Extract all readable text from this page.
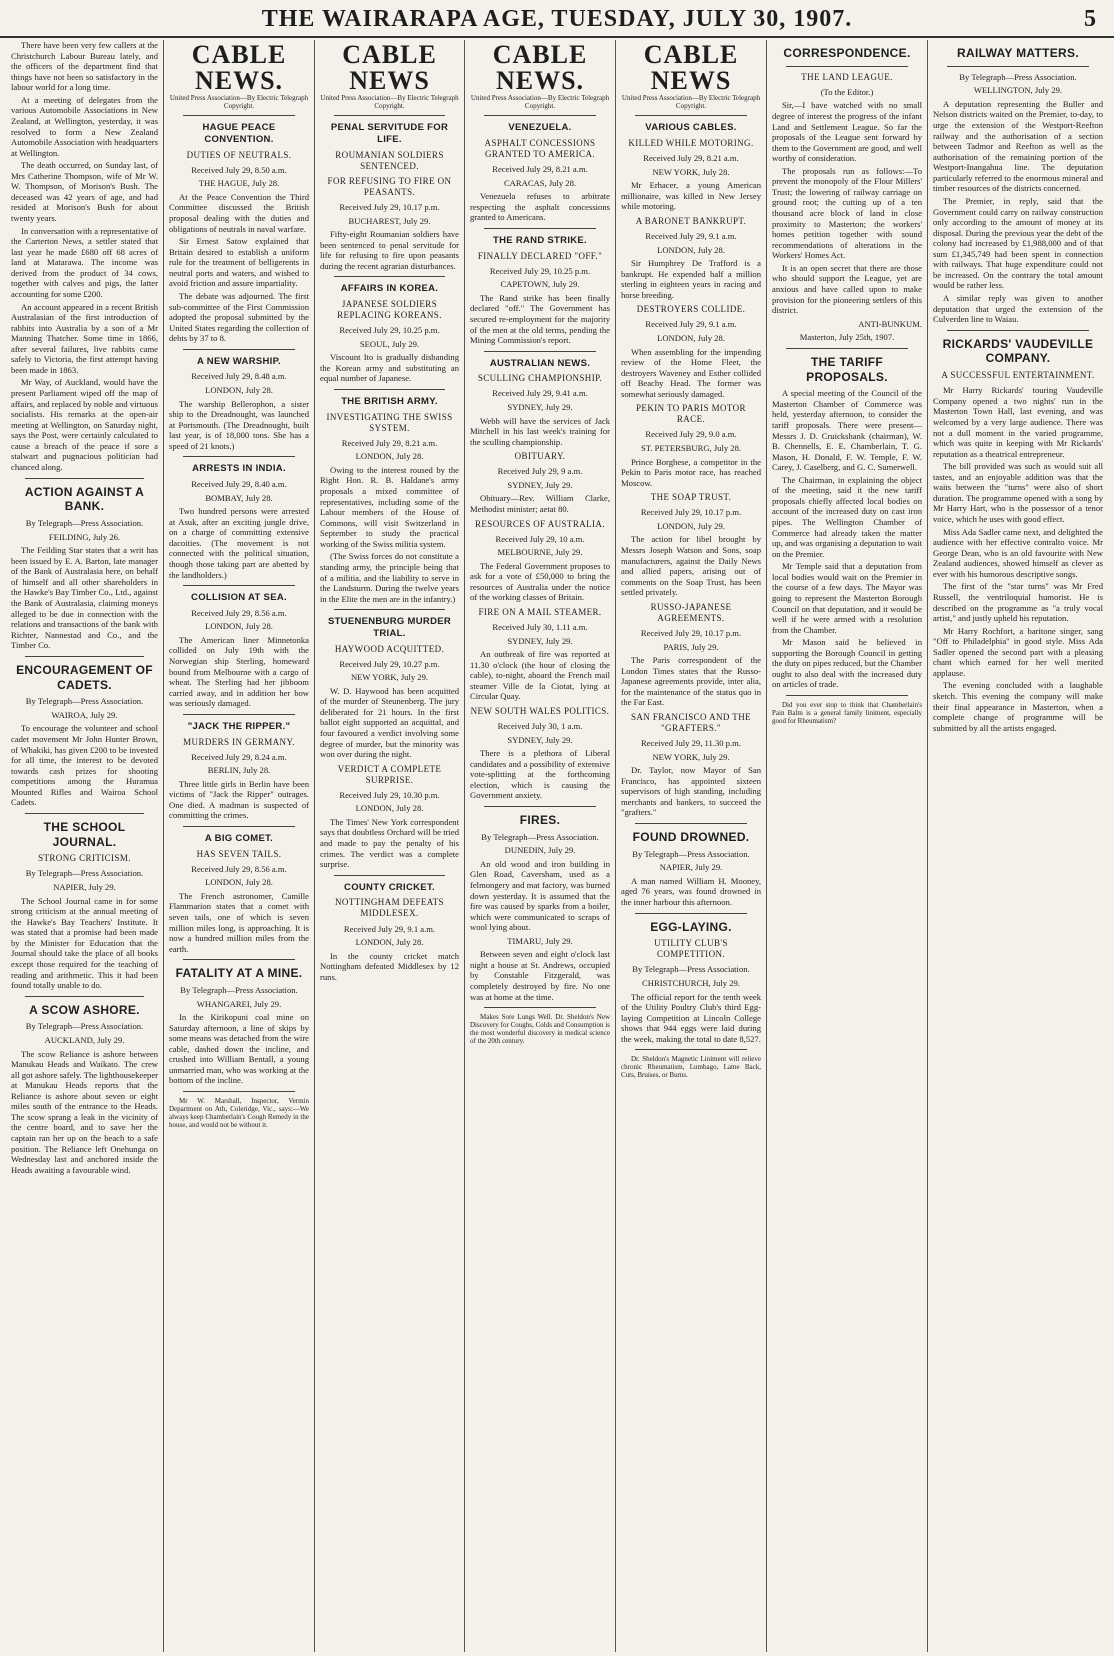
THE WAIRARAPA AGE, TUESDAY, JULY 30, 1907.	5

There have been very few callers at the Christchurch Labour Bureau lately, and the officers of the department find that things have not been so satisfactory in the labour world for a long time.

At a meeting of delegates from the various Automobile Associations in New Zealand, at Wellington, yesterday, it was resolved to form a New Zealand Automobile Association with headquarters at Wellington.

The death occurred, on Sunday last, of Mrs Catherine Thompson, wife of Mr W. W. Thompson, of Morison's Bush. The deceased was 42 years of age, and had resided at Morison's Bush for about twenty years.

In conversation with a representative of the Carterton News, a settler stated that last year he made £680 off 68 acres of land at Matarawa. The income was derived from the product of 34 cows, together with calves and pigs, the latter accounting for some £200.

An account appeared in a recent British Australasian of the first introduction of rabbits into Australia by a son of a Mr Manning Thatcher. Some time in 1866, after several failures, live rabbits came safely to Victoria, the first attempt having been made in 1863.

Mr Way, of Auckland, would have the present Parliament wiped off the map of affairs, and replaced by noble and virtuous socialists. His remarks at the open-air meeting at Wellington, on Saturday night, says the Post, were certainly calculated to cause a breach of the peace if sore a stalwart and pugnacious politician had chanced along.

ACTION AGAINST A BANK.
By Telegraph—Press Association.
FEILDING, July 26.

The Feilding Star states that a writ has been issued by E. A. Barton, late manager of the Bank of Australasia here, on behalf of himself and all other shareholders in the Hawke's Bay Timber Co., Ltd., against the Bank of Australasia, claiming moneys alleged to be due in connection with the relations and transactions of the bank with Richter, Nannestad and Co., and the Timber Co.

ENCOURAGEMENT OF CADETS.
By Telegraph—Press Association.
WAIROA, July 29.

To encourage the volunteer and school cadet movement Mr John Hunter Brown, of Whakiki, has given £200 to be invested for all time, the interest to be devoted towards cash prizes for shooting competitions among the Huramua Mounted Rifles and Wairoa School Cadets.

THE SCHOOL JOURNAL.
STRONG CRITICISM.
By Telegraph—Press Association.
NAPIER, July 29.

The School Journal came in for some strong criticism at the annual meeting of the Hawke's Bay Teachers' Institute. It was stated that a promise had been made by the Minister for Education that the Journal should take the place of all books except those required for the teaching of reading and arithmetic. This it had been found totally unable to do.

A SCOW ASHORE.
By Telegraph—Press Association.
AUCKLAND, July 29.

The scow Reliance is ashore between Manukau Heads and Waikato. The crew all got ashore safely. The lighthousekeeper at Manukau Heads reports that the Reliance is ashore about seven or eight miles south of the entrance to the Heads. The scow sprang a leak in the vicinity of the centre board, and to save her the captain ran her up on the beach to a safe position. The Reliance left Onehunga on Wednesday last and anchored inside the Heads awaiting a favourable wind.

CABLE NEWS.
United Press Association—By Electric Telegraph Copyright.
HAGUE PEACE CONVENTION.
DUTIES OF NEUTRALS.
Received July 29, 8.50 a.m.
THE HAGUE, July 28.

At the Peace Convention the Third Committee discussed the British proposal dealing with the duties and obligations of neutrals in naval warfare.

Sir Ernest Satow explained that Britain desired to establish a uniform rule for the treatment of belligerents in neutral ports and waters, and wished to avoid friction and assure impartiality.

The debate was adjourned. The first sub-committee of the First Commission adopted the proposal submitted by the United States regarding the collection of debts by 37 to 8.

A NEW WARSHIP.
Received July 29, 8.48 a.m.
LONDON, July 28.

The warship Bellerophon, a sister ship to the Dreadnought, was launched at Portsmouth. (The Dreadnought, built last year, is of 18,000 tons. She has a speed of 21 knots.)

ARRESTS IN INDIA.
Received July 29, 8.40 a.m.
BOMBAY, July 28.

Two hundred persons were arrested at Asuk, after an exciting jungle drive, on a charge of committing extensive dacoities. (The movement is not connected with the political situation, though those taking part are abetted by the landholders.)

COLLISION AT SEA.
Received July 29, 8.56 a.m.
LONDON, July 28.

The American liner Minnetonka collided on July 19th with the Norwegian ship Sterling, homeward bound from Melbourne with a cargo of wheat. The Sterling had her jibboom carried away, and in addition her bow was seriously damaged.

"JACK THE RIPPER."
MURDERS IN GERMANY.
Received July 29, 8.24 a.m.
BERLIN, July 28.

Three little girls in Berlin have been victims of "Jack the Ripper" outrages. One died. A madman is suspected of committing the crimes.

A BIG COMET.
HAS SEVEN TAILS.
Received July 29, 8.56 a.m.
LONDON, July 28.

The French astronomer, Camille Flammarion states that a comet with seven tails, one of which is seven million miles long, is approaching. It is now a hundred million miles from the earth.

FATALITY AT A MINE.
By Telegraph—Press Association.
WHANGAREI, July 29.

In the Kirikopuni coal mine on Saturday afternoon, a line of skips by some means was detached from the wire cable, dashed down the incline, and crushed into William Bentall, a young unmarried man, who was working at the bottom of the incline.

Mr W. Marshall, Inspector, Vermin Department on Ath, Coleridge, Vic., says:—We always keep Chamberlain's Cough Remedy in the house, and would not be without it.

CABLE NEWS
United Press Association—By Electric Telegraph Copyright.
PENAL SERVITUDE FOR LIFE.
ROUMANIAN SOLDIERS SENTENCED.
FOR REFUSING TO FIRE ON PEASANTS.
Received July 29, 10.17 p.m.
BUCHAREST, July 29.

Fifty-eight Roumanian soldiers have been sentenced to penal servitude for life for refusing to fire upon peasants during the recent agrarian disturbances.

AFFAIRS IN KOREA.
JAPANESE SOLDIERS REPLACING KOREANS.
Received July 29, 10.25 p.m.
SEOUL, July 29.

Viscount Ito is gradually disbanding the Korean army and substituting an equal number of Japanese.

THE BRITISH ARMY.
INVESTIGATING THE SWISS SYSTEM.
Received July 29, 8.21 a.m.
LONDON, July 28.

Owing to the interest roused by the Right Hon. R. B. Haldane's army proposals a mixed committee of representatives, including some of the Labour members of the House of Commons, will visit Switzerland in September to study the practical working of the Swiss militia system.

(The Swiss forces do not constitute a standing army, the principle being that of a militia, and the liability to serve in the Landsturm. During the twelve years in the Elite the men are in the infantry.)

STUENENBURG MURDER TRIAL.
HAYWOOD ACQUITTED.
Received July 29, 10.27 p.m.
NEW YORK, July 29.

W. D. Haywood has been acquitted of the murder of Steunenberg. The jury deliberated for 21 hours. In the first ballot eight supported an acquittal, and four favoured a verdict involving some degree of murder, but the minority was won over during the night.

VERDICT A COMPLETE SURPRISE.
Received July 29, 10.30 p.m.
LONDON, July 28.

The Times' New York correspondent says that doubtless Orchard will be tried and made to pay the penalty of his crimes. The verdict was a complete surprise.

COUNTY CRICKET.
NOTTINGHAM DEFEATS MIDDLESEX.
Received July 29, 9.1 a.m.
LONDON, July 28.

In the county cricket match Nottingham defeated Middlesex by 12 runs.

CABLE NEWS.
United Press Association—By Electric Telegraph Copyright.
VENEZUELA.
ASPHALT CONCESSIONS GRANTED TO AMERICA.
Received July 29, 8.21 a.m.
CARACAS, July 28.

Venezuela refuses to arbitrate respecting the asphalt concessions granted to Americans.

THE RAND STRIKE.
FINALLY DECLARED "OFF."
Received July 29, 10.25 p.m.
CAPETOWN, July 29.

The Rand strike has been finally declared "off." The Government has secured re-employment for the majority of the men at the old terms, pending the Mining Commission's report.

AUSTRALIAN NEWS.
SCULLING CHAMPIONSHIP.
Received July 29, 9.41 a.m.
SYDNEY, July 29.

Webb will have the services of Jack Mitchell in his last week's training for the sculling championship.

OBITUARY.
Received July 29, 9 a.m.
SYDNEY, July 29.

Obituary—Rev. William Clarke, Methodist minister; aetat 80.

RESOURCES OF AUSTRALIA.
Received July 29, 10 a.m.
MELBOURNE, July 29.

The Federal Government proposes to ask for a vote of £50,000 to bring the resources of Australia under the notice of the working classes of Britain.

FIRE ON A MAIL STEAMER.
Received July 30, 1.11 a.m.
SYDNEY, July 29.

An outbreak of fire was reported at 11.30 o'clock (the hour of closing the cable), to-night, aboard the French mail steamer Ville de la Ciotat, lying at Circular Quay.

NEW SOUTH WALES POLITICS.
Received July 30, 1 a.m.
SYDNEY, July 29.

There is a plethora of Liberal candidates and a possibility of extensive vote-splitting at the forthcoming election, which is causing the Government anxiety.

FIRES.
By Telegraph—Press Association.
DUNEDIN, July 29.

An old wood and iron building in Glen Road, Caversham, used as a felmongery and mat factory, was burned down yesterday. It is assumed that the fire was caused by sparks from a boiler, which were communicated to scraps of wool lying about.

TIMARU, July 29.

Between seven and eight o'clock last night a house at St. Andrews, occupied by Constable Fitzgerald, was completely destroyed by fire. No one was at home at the time.

Makes Sore Lungs Well. Dr. Sheldon's New Discovery for Coughs, Colds and Consumption is the most wonderful discovery in medical science of the 20th century.

CABLE NEWS
United Press Association—By Electric Telegraph Copyright.
VARIOUS CABLES.
KILLED WHILE MOTORING.
Received July 29, 8.21 a.m.
NEW YORK, July 28.

Mr Erhacer, a young American millionaire, was killed in New Jersey while motoring.

A BARONET BANKRUPT.
Received July 29, 9.1 a.m.
LONDON, July 28.

Sir Humphrey De Trafford is a bankrupt. He expended half a million sterling in eighteen years in racing and horse breeding.

DESTROYERS COLLIDE.
Received July 29, 9.1 a.m.
LONDON, July 28.

When assembling for the impending review of the Home Fleet, the destroyers Waveney and Esther collided off Beachy Head. The former was somewhat seriously damaged.

PEKIN TO PARIS MOTOR RACE.
Received July 29, 9.0 a.m.
ST. PETERSBURG, July 28.

Prince Borghese, a competitor in the Pekin to Paris motor race, has reached Moscow.

THE SOAP TRUST.
Received July 29, 10.17 p.m.
LONDON, July 29.

The action for libel brought by Messrs Joseph Watson and Sons, soap manufacturers, against the Daily News and allied papers, arising out of comments on the Soap Trust, has been settled privately.

RUSSO-JAPANESE AGREEMENTS.
Received July 29, 10.17 p.m.
PARIS, July 29.

The Paris correspondent of the London Times states that the Russo-Japanese agreements provide, inter alia, for the maintenance of the status quo in the Far East.

SAN FRANCISCO AND THE "GRAFTERS."
Received July 29, 11.30 p.m.
NEW YORK, July 29.

Dr. Taylor, now Mayor of San Francisco, has appointed sixteen supervisors of high standing, including merchants and bankers, to succeed the "grafters."

FOUND DROWNED.
By Telegraph—Press Association.
NAPIER, July 29.

A man named William H. Mooney, aged 76 years, was found drowned in the inner harbour this afternoon.

EGG-LAYING.
UTILITY CLUB'S COMPETITION.
By Telegraph—Press Association.
CHRISTCHURCH, July 29.

The official report for the tenth week of the Utility Poultry Club's third Egg-laying Competition at Lincoln College shows that 944 eggs were laid during the week, making the total to date 8,527.

Dr. Sheldon's Magnetic Liniment will relieve chronic Rheumatism, Lumbago, Lame Back, Cuts, Bruises, or Burns.

CORRESPONDENCE.
THE LAND LEAGUE.
(To the Editor.)

Sir,—I have watched with no small degree of interest the progress of the infant Land and Settlement League. So far the proposals of the League sent forward by them to the Government are good, and well worthy of consideration.

The proposals run as follows:—To prevent the monopoly of the Flour Millers' Trust; the lowering of railway carriage on ground root; the cutting up of a ten thousand acre block of land in close proximity to Masterton; the workers' homes petition together with sound recommendations of alterations in the Workers' Homes Act.

It is an open secret that there are those who should support the League, yet are anxious and have called upon to make provision for the pioneering settlers of this district.

ANTI-BUNKUM.
Masterton, July 25th, 1907.
THE TARIFF PROPOSALS.

A special meeting of the Council of the Masterton Chamber of Commerce was held, yesterday afternoon, to consider the tariff proposals. There were present—Messrs J. D. Cruickshank (chairman), W. B. Chennells, E. E. Chamberlain, T. G. Mason, H. Donald, F. W. Temple, F. W. Carey, J. Caselberg, and G. C. Sumerwell.

The Chairman, in explaining the object of the meeting, said it the new tariff proposals chiefly affected local bodies on account of the increased duty on cast iron pipes. The Wellington Chamber of Commerce had already taken the matter up, and was organising a deputation to wait on the Premier.

Mr Temple said that a deputation from local bodies would wait on the Premier in the course of a few days. The Mayor was going to represent the Masterton Borough Council on that deputation, and it would be well if he were armed with a resolution from the Chamber.

Mr Mason said he believed in supporting the Borough Council in getting the duty on pipes reduced, but the Chamber ought to also deal with the increased duty on articles of trade.

Did you ever stop to think that Chamberlain's Pain Balm is a general family liniment, especially good for Rheumatism?

RAILWAY MATTERS.
By Telegraph—Press Association.
WELLINGTON, July 29.

A deputation representing the Buller and Nelson districts waited on the Premier, to-day, to urge the extension of the Westport-Reefton railway and the authorisation of a section between Tadmor and Reefton as well as the authorisation of the remaining portion of the Westport-Inangahua line. The deputation particularly referred to the enormous mineral and timber resources of the districts concerned.

The Premier, in reply, said that the Government could carry on railway construction only according to the amount of money at its disposal. During the previous year the debt of the colony had increased by £1,988,000 and of that sum £1,345,749 had been spent in connection with railways. That huge expenditure could not be increased. On the contrary the total amount would be rather less.

A similar reply was given to another deputation that urged the extension of the Culverden line to Waiau.

RICKARDS' VAUDEVILLE COMPANY.
A SUCCESSFUL ENTERTAINMENT.

Mr Harry Rickards' touring Vaudeville Company opened a two nights' run in the Masterton Town Hall, last evening, and was welcomed by a very large audience. There was not a dull moment in the varied programme, which was quite in keeping with Mr Rickards' reputation as a theatrical entrepreneur.

The bill provided was such as would suit all tastes, and an enjoyable addition was that the waits between the "turns" were also of short duration. The programme opened with a song by Mr Harry Hart, who is the possessor of a tenor voice, which he uses with good effect.

Miss Ada Sadler came next, and delighted the audience with her effective contralto voice. Mr George Dean, who is an old favourite with New Zealand audiences, showed himself as clever as ever with his humorous descriptive songs.

The first of the "star turns" was Mr Fred Russell, the ventriloquial humorist. He is described on the programme as "a truly vocal artist," and justly upheld his reputation.

Mr Harry Rochfort, a baritone singer, sang "Off to Philadelphia" in good style. Miss Ada Sadler opened the second part with a pleasing chant which earned for her well merited applause.

The evening concluded with a laughable sketch. This evening the company will make their final appearance in Masterton, when a complete change of programme will be submitted by all the artists engaged.
